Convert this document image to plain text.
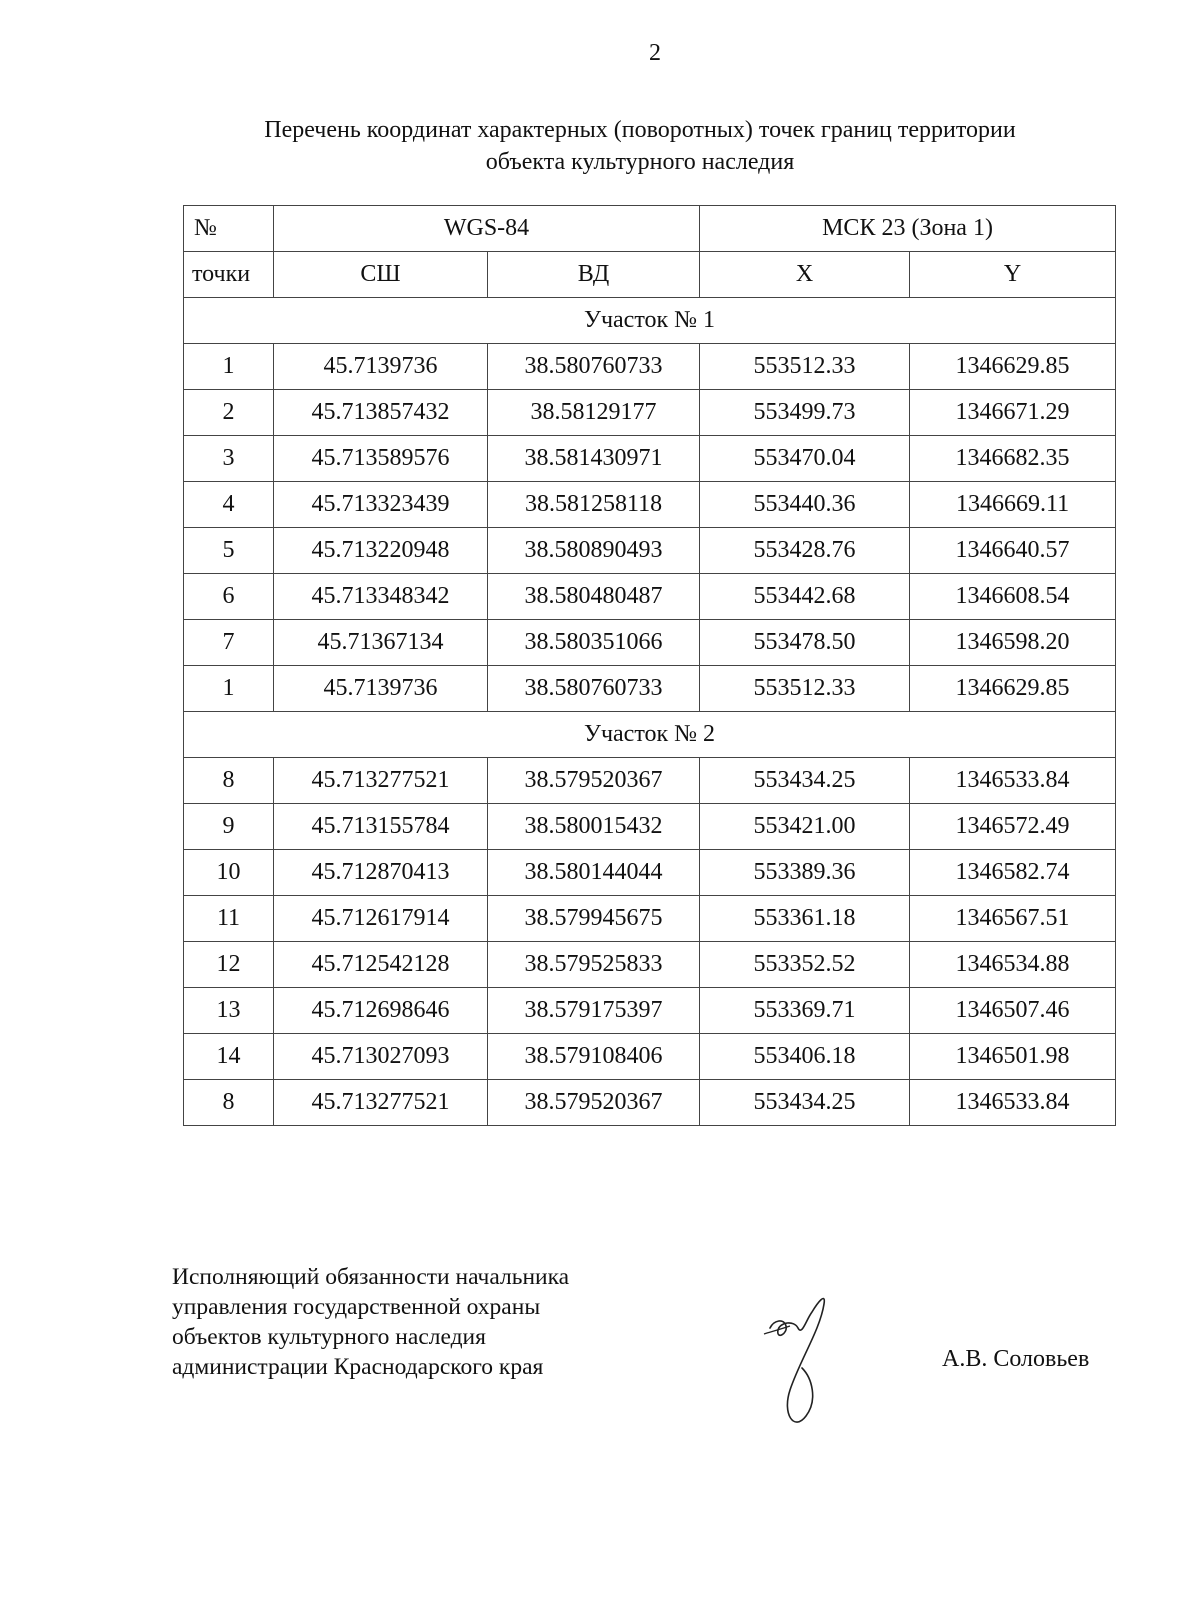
2
Перечень координат характерных (поворотных) точек границ территории
объекта культурного наследия
№	WGS-84		МСК 23 (Зона 1)	
точки	СШ	ВД	X	Y
Участок № 1				
1	45.7139736	38.580760733	553512.33	1346629.85
2	45.713857432	38.58129177	553499.73	1346671.29
3	45.713589576	38.581430971	553470.04	1346682.35
4	45.713323439	38.581258118	553440.36	1346669.11
5	45.713220948	38.580890493	553428.76	1346640.57
6	45.713348342	38.580480487	553442.68	1346608.54
7	45.71367134	38.580351066	553478.50	1346598.20
1	45.7139736	38.580760733	553512.33	1346629.85
Участок № 2				
8	45.713277521	38.579520367	553434.25	1346533.84
9	45.713155784	38.580015432	553421.00	1346572.49
10	45.712870413	38.580144044	553389.36	1346582.74
11	45.712617914	38.579945675	553361.18	1346567.51
12	45.712542128	38.579525833	553352.52	1346534.88
13	45.712698646	38.579175397	553369.71	1346507.46
14	45.713027093	38.579108406	553406.18	1346501.98
8	45.713277521	38.579520367	553434.25	1346533.84
Исполняющий обязанности начальника
управления государственной охраны
объектов культурного наследия
администрации Краснодарского края	А.В. Соловьев
